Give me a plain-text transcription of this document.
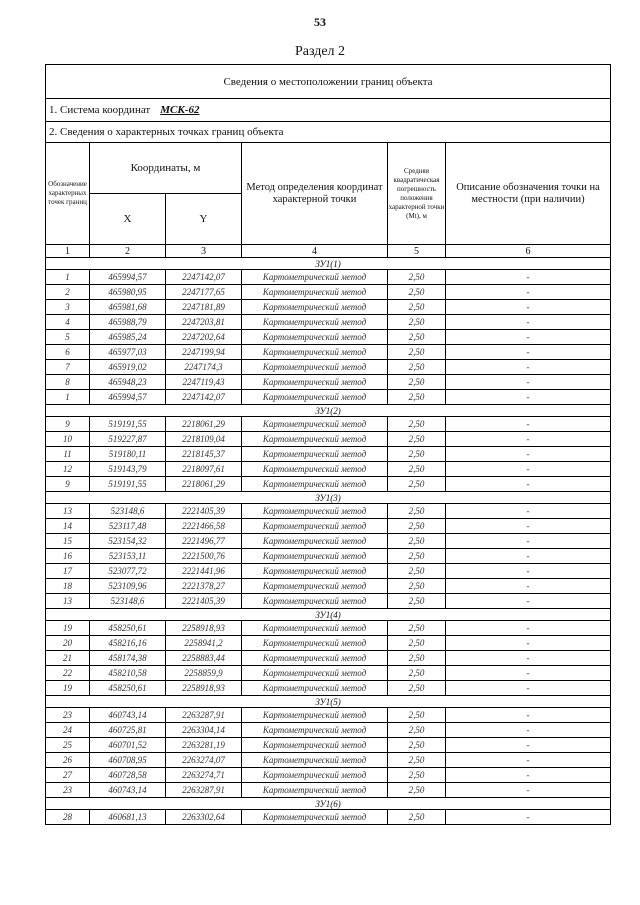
53
Раздел 2
Сведения о местоположении границ объекта					
1. Система координат МСК-62					
2. Сведения о характерных точках границ объекта					
Обозначение характерных точек границ	Координаты, м		Метод определения координат характерной точки	Средняя квадратическая погрешность положения характерной точки (Mt), м	Описание обозначения точки на местности (при наличии)
	X	Y			
1	2	3	4	5	6
ЗУ1(1)					
1	465994,57	2247142,07	Картометрический метод	2,50	-
2	465980,95	2247177,65	Картометрический метод	2,50	-
3	465981,68	2247181,89	Картометрический метод	2,50	-
4	465988,79	2247203,81	Картометрический метод	2,50	-
5	465985,24	2247202,64	Картометрический метод	2,50	-
6	465977,03	2247199,94	Картометрический метод	2,50	-
7	465919,02	2247174,3	Картометрический метод	2,50	-
8	465948,23	2247119,43	Картометрический метод	2,50	-
1	465994,57	2247142,07	Картометрический метод	2,50	-
ЗУ1(2)					
9	519191,55	2218061,29	Картометрический метод	2,50	-
10	519227,87	2218109,04	Картометрический метод	2,50	-
11	519180,11	2218145,37	Картометрический метод	2,50	-
12	519143,79	2218097,61	Картометрический метод	2,50	-
9	519191,55	2218061,29	Картометрический метод	2,50	-
ЗУ1(3)					
13	523148,6	2221405,39	Картометрический метод	2,50	-
14	523117,48	2221466,58	Картометрический метод	2,50	-
15	523154,32	2221496,77	Картометрический метод	2,50	-
16	523153,11	2221500,76	Картометрический метод	2,50	-
17	523077,72	2221441,96	Картометрический метод	2,50	-
18	523109,96	2221378,27	Картометрический метод	2,50	-
13	523148,6	2221405,39	Картометрический метод	2,50	-
ЗУ1(4)					
19	458250,61	2258918,93	Картометрический метод	2,50	-
20	458216,16	2258941,2	Картометрический метод	2,50	-
21	458174,38	2258883,44	Картометрический метод	2,50	-
22	458210,58	2258859,9	Картометрический метод	2,50	-
19	458250,61	2258918,93	Картометрический метод	2,50	-
ЗУ1(5)					
23	460743,14	2263287,91	Картометрический метод	2,50	-
24	460725,81	2263304,14	Картометрический метод	2,50	-
25	460701,52	2263281,19	Картометрический метод	2,50	-
26	460708,95	2263274,07	Картометрический метод	2,50	-
27	460728,58	2263274,71	Картометрический метод	2,50	-
23	460743,14	2263287,91	Картометрический метод	2,50	-
ЗУ1(6)					
28	460681,13	2263302,64	Картометрический метод	2,50	-
